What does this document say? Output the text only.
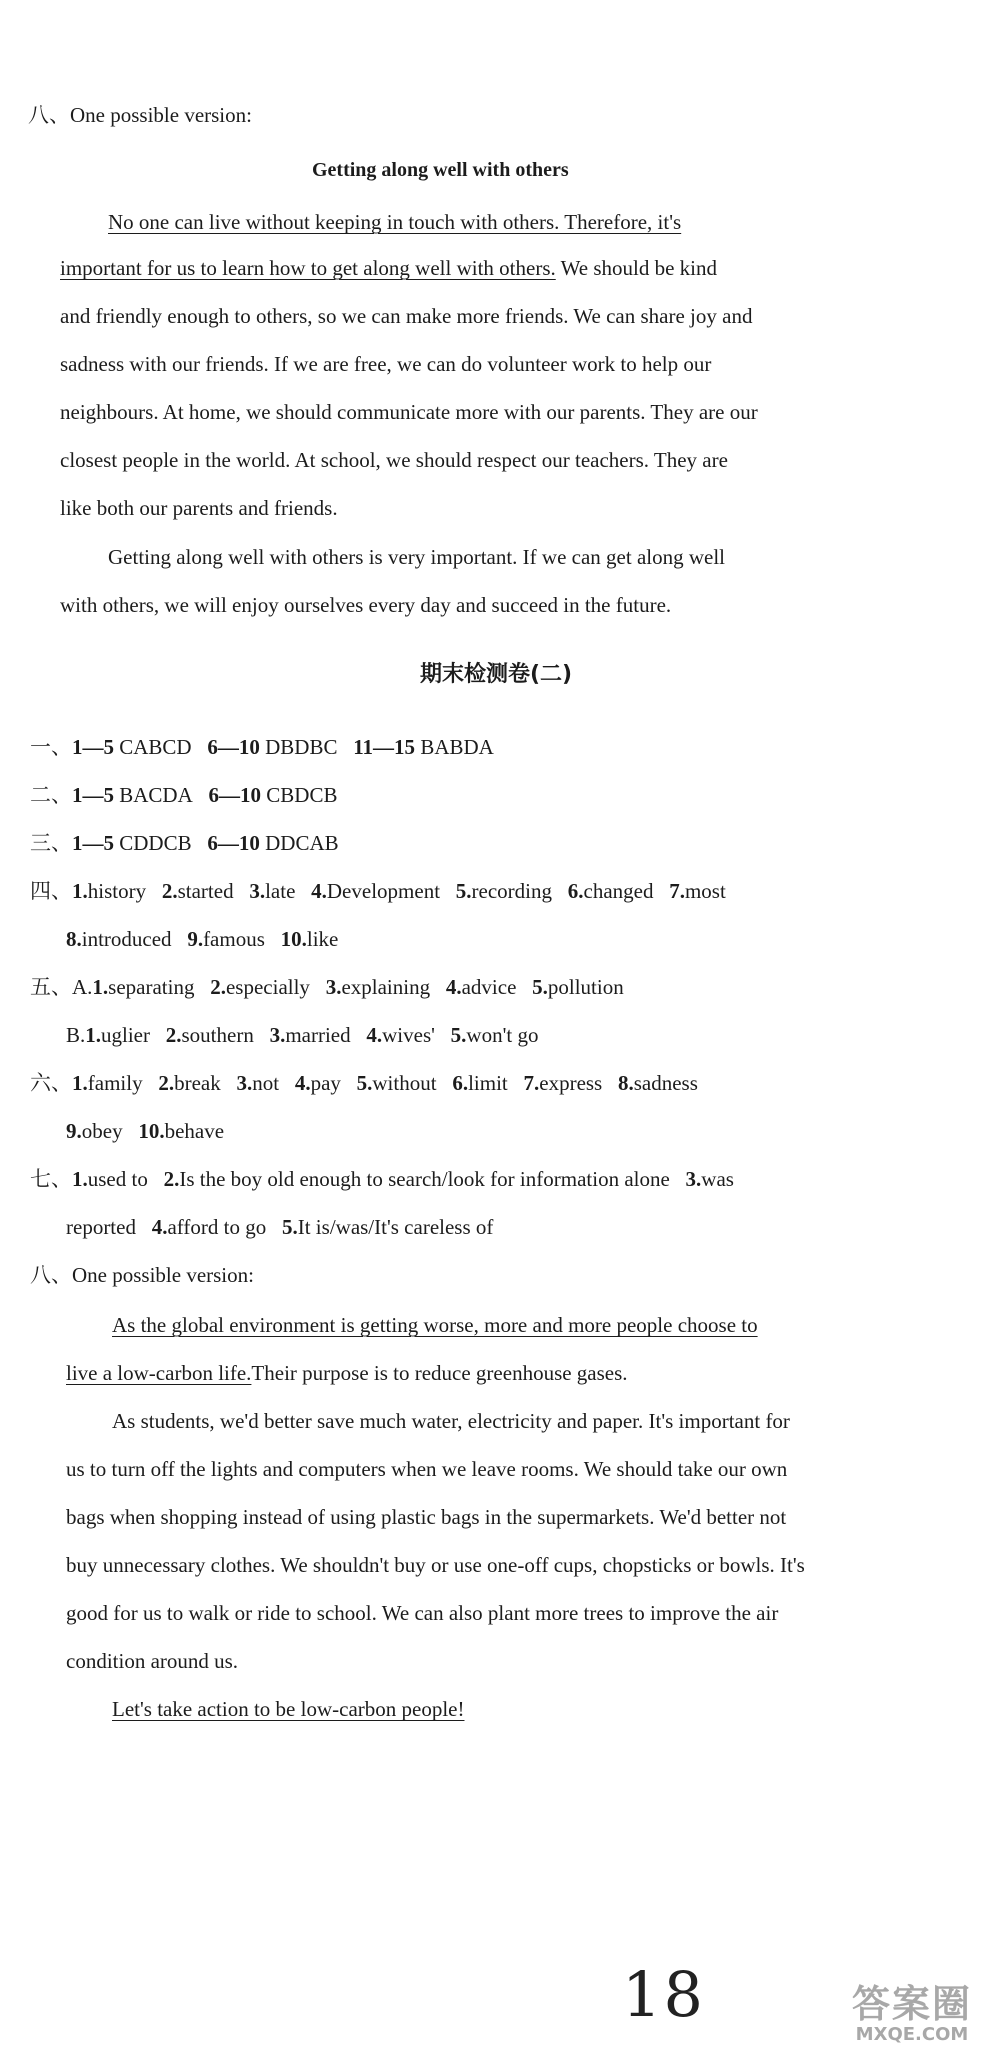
八、One possible version:
Getting along well with others
No one can live without keeping in touch with others. Therefore, it's
important for us to learn how to get along well with others. We should be kind
and friendly enough to others, so we can make more friends. We can share joy and
sadness with our friends. If we are free, we can do volunteer work to help our
neighbours. At home, we should communicate more with our parents. They are our
closest people in the world. At school, we should respect our teachers. They are
like both our parents and friends.
Getting along well with others is very important. If we can get along well
with others, we will enjoy ourselves every day and succeed in the future.
期末检测卷(二)
一、1—5 CABCD 6—10 DBDBC 11—15 BABDA
二、1—5 BACDA 6—10 CBDCB
三、1—5 CDDCB 6—10 DDCAB
四、1.history 2.started 3.late 4.Development 5.recording 6.changed 7.most
8.introduced 9.famous 10.like
五、A.1.separating 2.especially 3.explaining 4.advice 5.pollution
B.1.uglier 2.southern 3.married 4.wives' 5.won't go
六、1.family 2.break 3.not 4.pay 5.without 6.limit 7.express 8.sadness
9.obey 10.behave
七、1.used to 2.Is the boy old enough to search/look for information alone 3.was
reported 4.afford to go 5.It is/was/It's careless of
八、One possible version:
As the global environment is getting worse, more and more people choose to
live a low-carbon life.Their purpose is to reduce greenhouse gases.
As students, we'd better save much water, electricity and paper. It's important for
us to turn off the lights and computers when we leave rooms. We should take our own
bags when shopping instead of using plastic bags in the supermarkets. We'd better not
buy unnecessary clothes. We shouldn't buy or use one-off cups, chopsticks or bowls. It's
good for us to walk or ride to school. We can also plant more trees to improve the air
condition around us.
Let's take action to be low-carbon people!
18	答案圈
MXQE.COM
